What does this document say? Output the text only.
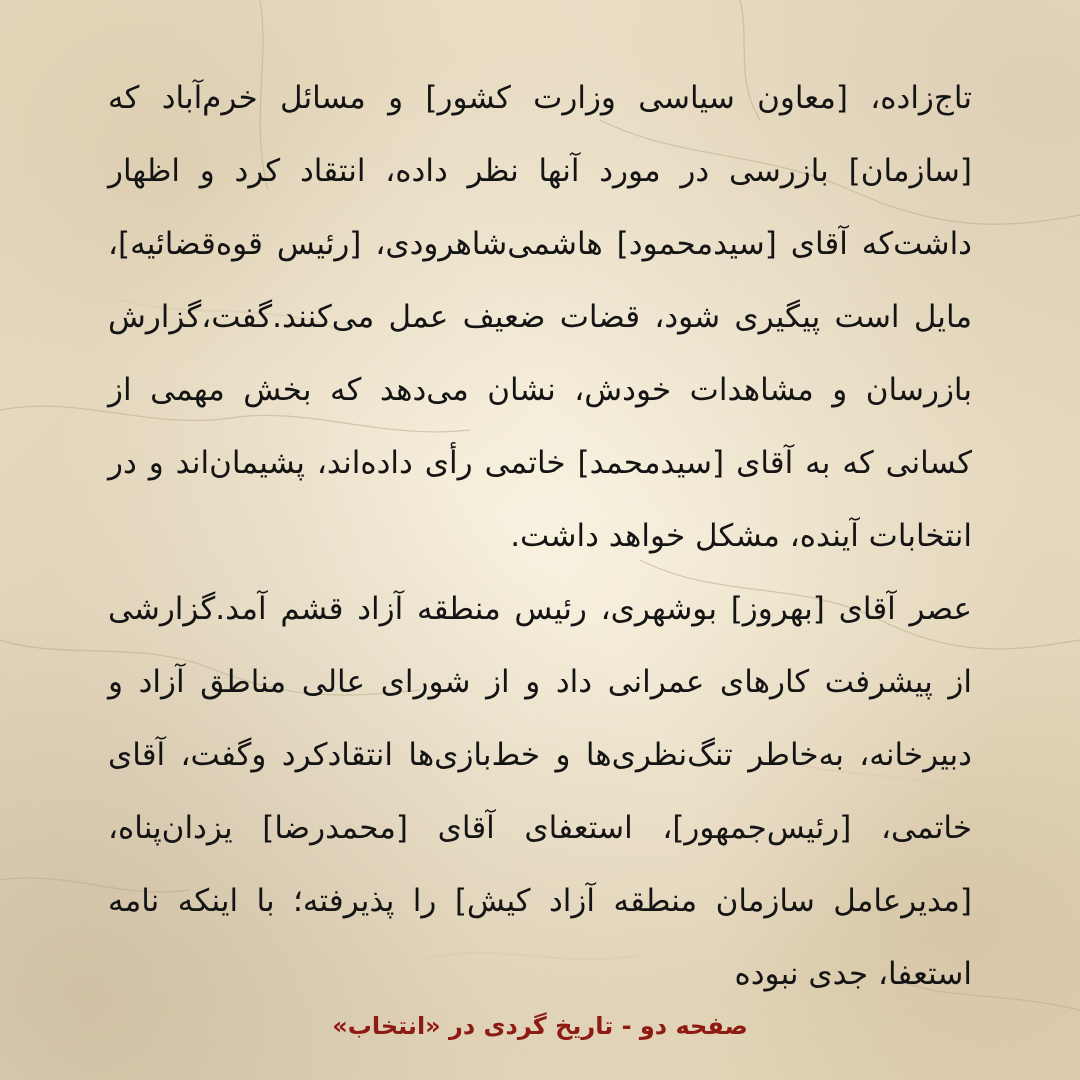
تاج‌زاده، [معاون سیاسی وزارت کشور] و مسائل خرم‌آباد که [سازمان] بازرسی در مورد آنها نظر داده، انتقاد کرد و اظهار داشت‌که آقای [سیدمحمود] هاشمی‌شاهرودی، [رئیس قوه‌قضائیه]، مایل است پیگیری شود، قضات ضعیف عمل می‌کنند.گفت،گزارش بازرسان و مشاهدات خودش، نشان می‌دهد که بخش مهمی از کسانی که به آقای [سیدمحمد] خاتمی رأی داده‌اند، پشیمان‌اند و در انتخابات آینده، مشکل خواهد داشت.

عصر آقای [بهروز] بوشهری، رئیس منطقه آزاد قشم آمد.گزارشی از پیشرفت کارهای عمرانی داد و از شورای عالی مناطق آزاد و دبیرخانه، به‌خاطر تنگ‌نظری‌ها و خط‌بازی‌ها انتقادکرد وگفت، آقای خاتمی، [رئیس‌جمهور]، استعفای آقای [محمدرضا] یزدان‌پناه، [مدیرعامل سازمان منطقه آزاد کیش] را پذیرفته؛ با اینکه نامه استعفا، جدی نبوده

صفحه دو - تاریخ گردی در «انتخاب»
